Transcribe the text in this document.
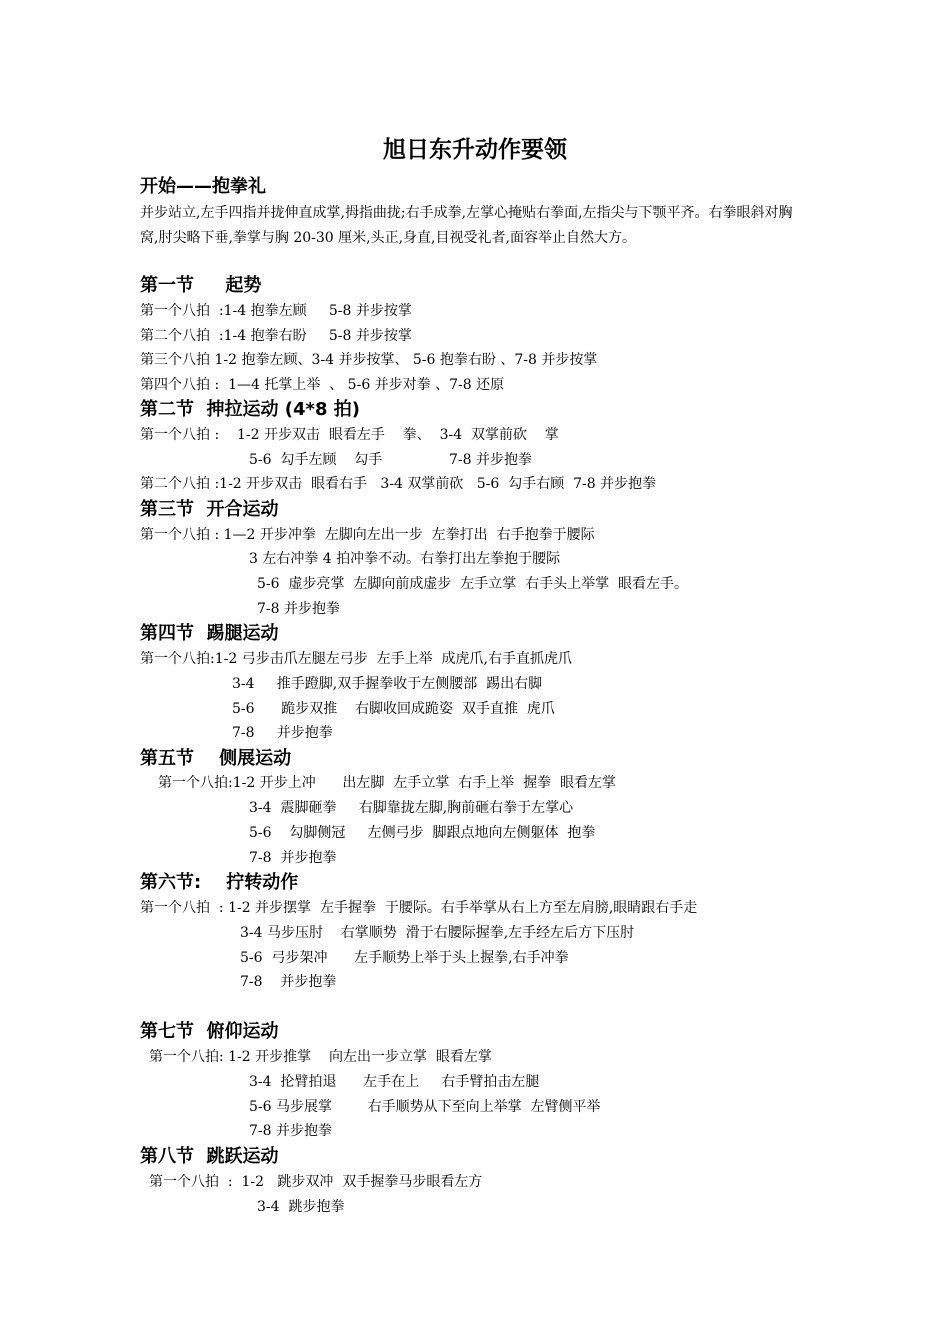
旭日东升动作要领
开始——抱拳礼
并步站立,左手四指并拢伸直成掌,拇指曲拢;右手成拳,左掌心掩贴右拳面,左指尖与下颚平齐。右拳眼斜对胸窝,肘尖略下垂,拳掌与胸 20-30 厘米,头正,身直,目视受礼者,面容举止自然大方。
第一节     起势
第一个八拍  :1-4 抱拳左顾     5-8 并步按掌
第二个八拍  :1-4 抱拳右盼     5-8 并步按掌
第三个八拍 1-2 抱拳左顾、3-4 并步按掌、 5-6 抱拳右盼 、7-8 并步按掌
第四个八拍 :  1—4 托掌上举  、 5-6 并步对拳 、7-8 还原
第二节  抻拉运动 (4*8 拍)
第一个八拍 :    1-2 开步双击  眼看左手    拳、  3-4  双掌前砍    掌
5-6  勾手左顾    勾手               7-8 并步抱拳
第二个八拍 :1-2 开步双击  眼看右手   3-4 双掌前砍   5-6  勾手右顾  7-8 并步抱拳
第三节  开合运动
第一个八拍 : 1—2 开步冲拳  左脚向左出一步  左拳打出  右手抱拳于腰际
3 左右冲拳 4 拍冲拳不动。右拳打出左拳抱于腰际
5-6  虚步亮掌  左脚向前成虚步  左手立掌  右手头上举掌  眼看左手。
7-8 并步抱拳
第四节  踢腿运动
第一个八拍:1-2 弓步击爪左腿左弓步  左手上举  成虎爪,右手直抓虎爪
3-4     推手蹬脚,双手握拳收于左侧腰部  踢出右脚
5-6      跪步双推    右脚收回成跪姿  双手直推  虎爪
7-8     并步抱拳
第五节    侧展运动
第一个八拍:1-2 开步上冲      出左脚  左手立掌  右手上举  握拳  眼看左掌
3-4  震脚砸拳     右脚靠拢左脚,胸前砸右拳于左掌心
5-6    勾脚侧冠     左侧弓步  脚跟点地向左侧躯体  抱拳
7-8  并步抱拳
第六节:    拧转动作
第一个八拍  : 1-2 并步摆掌  左手握拳  于腰际。右手举掌从右上方至左肩膀,眼睛跟右手走
3-4 马步压肘    右掌顺势  滑于右腰际握拳,左手经左后方下压肘
5-6  弓步架冲      左手顺势上举于头上握拳,右手冲拳
7-8    并步抱拳
第七节  俯仰运动
第一个八拍: 1-2 开步推掌    向左出一步立掌  眼看左掌
3-4  抡臂拍退      左手在上     右手臂拍击左腿
5-6 马步展掌        右手顺势从下至向上举掌  左臂侧平举
7-8 并步抱拳
第八节  跳跃运动
第一个八拍  :  1-2   跳步双冲  双手握拳马步眼看左方
3-4  跳步抱拳
